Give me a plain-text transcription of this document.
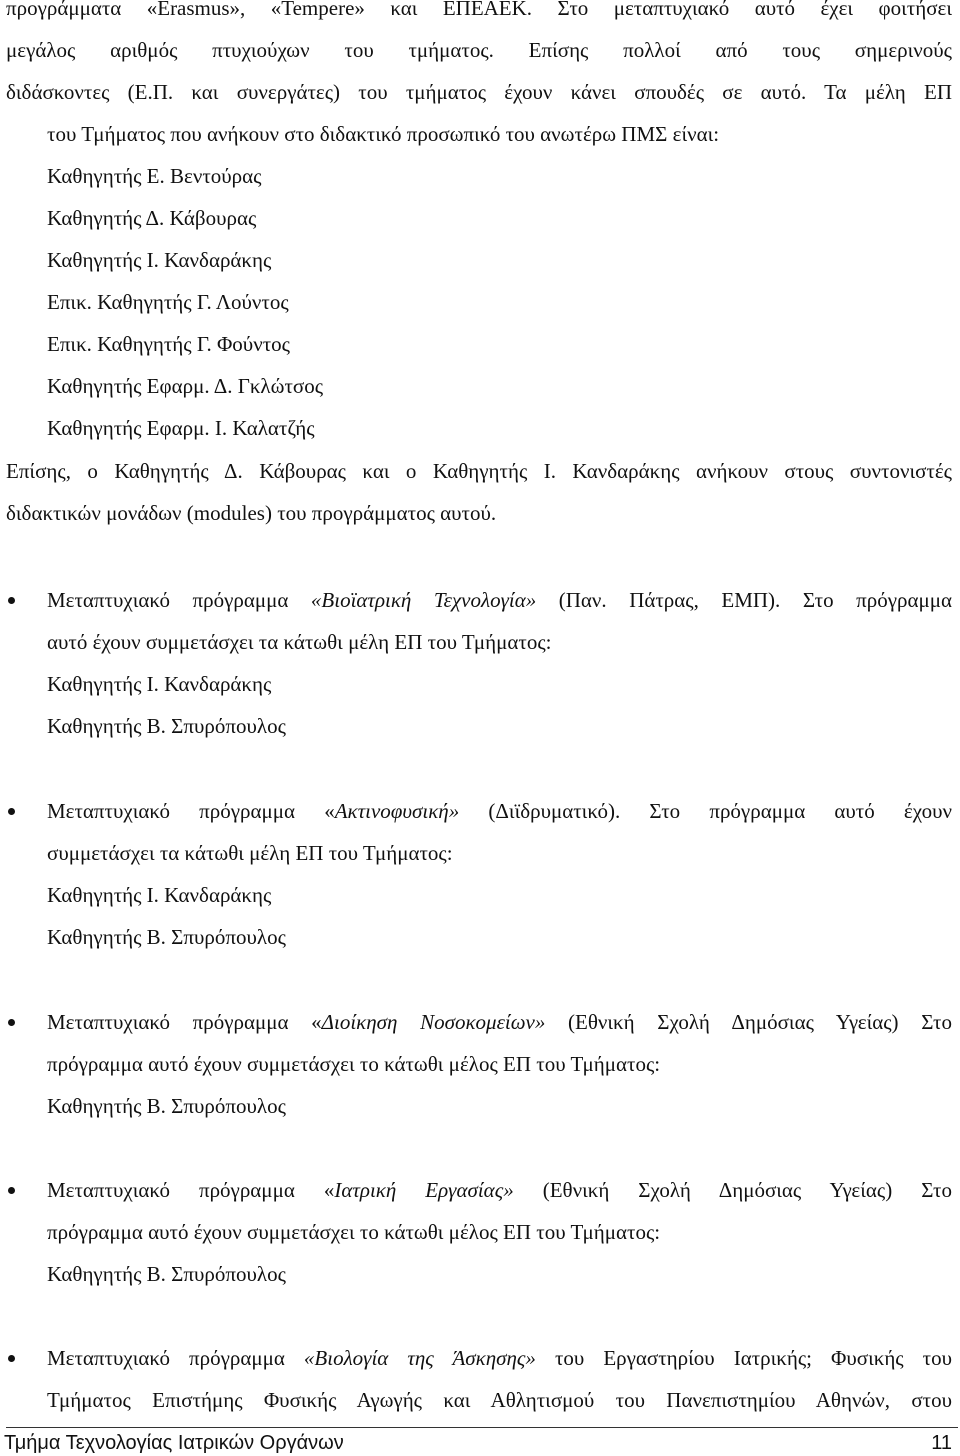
προγράμματα «Erasmus», «Tempere» και ΕΠΕΑΕΚ. Στο μεταπτυχιακό αυτό έχει φοιτήσει

μεγάλος αριθμός πτυχιούχων του τμήματος. Επίσης πολλοί από τους σημερινούς

διδάσκοντες (Ε.Π. και συνεργάτες) του τμήματος έχουν κάνει σπουδές σε αυτό. Τα μέλη ΕΠ

του Τμήματος που ανήκουν στο διδακτικό προσωπικό του ανωτέρω ΠΜΣ είναι:

Καθηγητής Ε. Βεντούρας

Καθηγητής Δ. Κάβουρας

Καθηγητής Ι. Κανδαράκης

Επικ. Καθηγητής Γ. Λούντος

Επικ. Καθηγητής Γ. Φούντος

Καθηγητής Εφαρμ. Δ. Γκλώτσος

Καθηγητής Εφαρμ. Ι. Καλατζής

Επίσης, ο Καθηγητής Δ. Κάβουρας και ο Καθηγητής Ι. Κανδαράκης ανήκουν στους συντονιστές

διδακτικών μονάδων (modules) του προγράμματος αυτού.

Μεταπτυχιακό πρόγραμμα «Βιοϊατρική Τεχνολογία» (Παν. Πάτρας, ΕΜΠ). Στο πρόγραμμα

αυτό έχουν συμμετάσχει τα κάτωθι μέλη ΕΠ του Τμήματος:

Καθηγητής Ι. Κανδαράκης

Καθηγητής Β. Σπυρόπουλος

Μεταπτυχιακό πρόγραμμα «Ακτινοφυσική» (Διϊδρυματικό). Στο πρόγραμμα αυτό έχουν

συμμετάσχει τα κάτωθι μέλη ΕΠ του Τμήματος:

Καθηγητής Ι. Κανδαράκης

Καθηγητής Β. Σπυρόπουλος

Μεταπτυχιακό πρόγραμμα «Διοίκηση Νοσοκομείων» (Εθνική Σχολή Δημόσιας Υγείας) Στο

πρόγραμμα αυτό έχουν συμμετάσχει το κάτωθι μέλος ΕΠ του Τμήματος:

Καθηγητής Β. Σπυρόπουλος

Μεταπτυχιακό πρόγραμμα «Ιατρική Εργασίας» (Εθνική Σχολή Δημόσιας Υγείας) Στο

πρόγραμμα αυτό έχουν συμμετάσχει το κάτωθι μέλος ΕΠ του Τμήματος:

Καθηγητής Β. Σπυρόπουλος

Μεταπτυχιακό πρόγραμμα «Βιολογία της Άσκησης» του Εργαστηρίου Ιατρικής; Φυσικής του

Τμήματος Επιστήμης Φυσικής Αγωγής και Αθλητισμού του Πανεπιστημίου Αθηνών, στου

Τμήμα Τεχνολογίας Ιατρικών Οργάνων	11
